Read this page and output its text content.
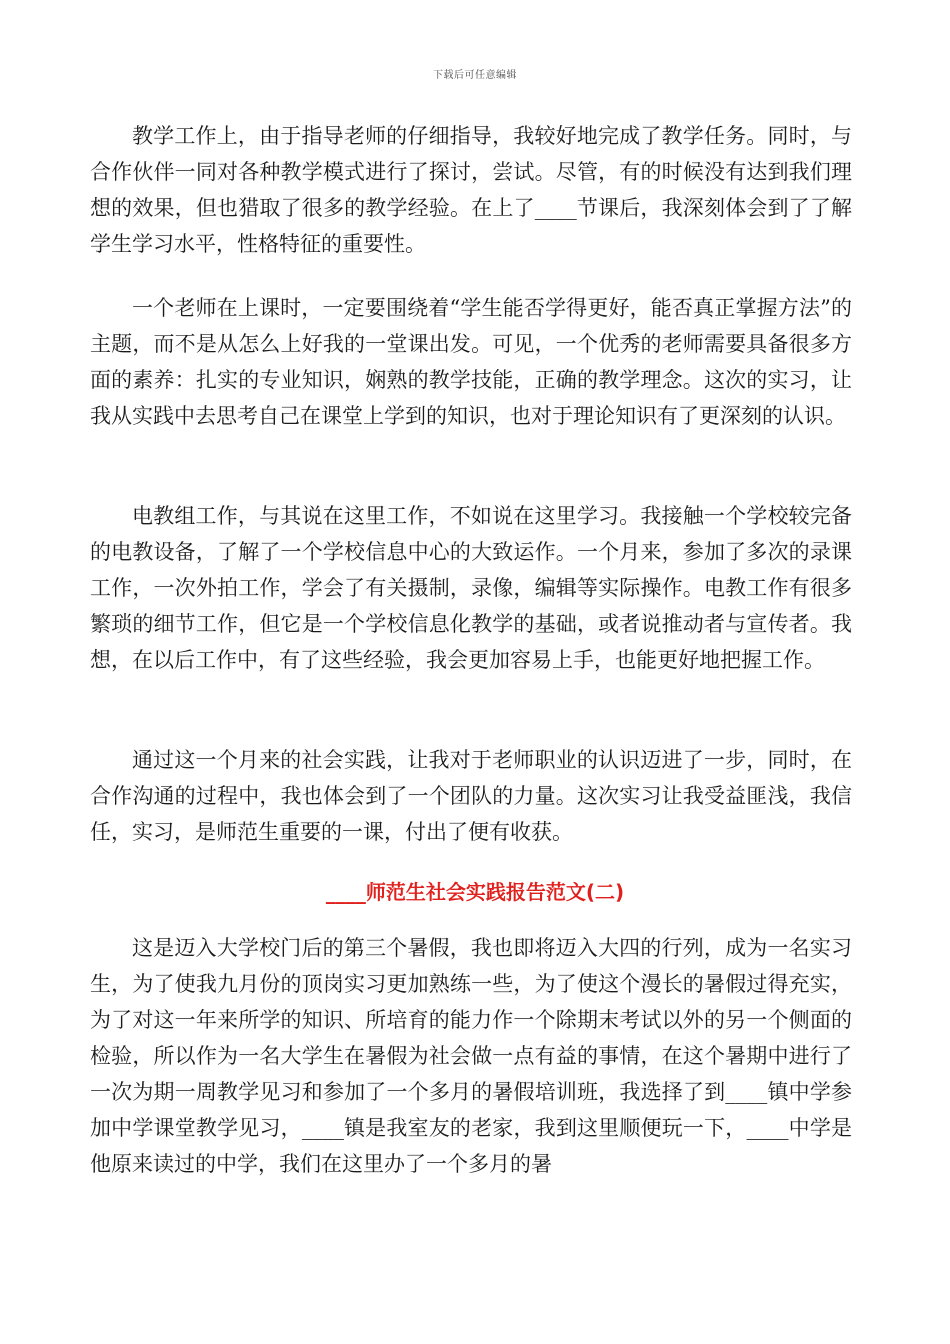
下载后可任意编辑

教学工作上，由于指导老师的仔细指导，我较好地完成了教学任务。同时，与合作伙伴一同对各种教学模式进行了探讨，尝试。尽管，有的时候没有达到我们理想的效果，但也猎取了很多的教学经验。在上了____节课后，我深刻体会到了了解学生学习水平，性格特征的重要性。

一个老师在上课时，一定要围绕着“学生能否学得更好，能否真正掌握方法”的主题，而不是从怎么上好我的一堂课出发。可见，一个优秀的老师需要具备很多方面的素养：扎实的专业知识，娴熟的教学技能，正确的教学理念。这次的实习，让我从实践中去思考自己在课堂上学到的知识，也对于理论知识有了更深刻的认识。

电教组工作，与其说在这里工作，不如说在这里学习。我接触一个学校较完备的电教设备，了解了一个学校信息中心的大致运作。一个月来，参加了多次的录课工作，一次外拍工作，学会了有关摄制，录像，编辑等实际操作。电教工作有很多繁琐的细节工作，但它是一个学校信息化教学的基础，或者说推动者与宣传者。我想，在以后工作中，有了这些经验，我会更加容易上手，也能更好地把握工作。

通过这一个月来的社会实践，让我对于老师职业的认识迈进了一步，同时，在合作沟通的过程中，我也体会到了一个团队的力量。这次实习让我受益匪浅，我信任，实习，是师范生重要的一课，付出了便有收获。

____师范生社会实践报告范文(二)

这是迈入大学校门后的第三个暑假，我也即将迈入大四的行列，成为一名实习生，为了使我九月份的顶岗实习更加熟练一些，为了使这个漫长的暑假过得充实，为了对这一年来所学的知识、所培育的能力作一个除期末考试以外的另一个侧面的检验，所以作为一名大学生在暑假为社会做一点有益的事情，在这个暑期中进行了一次为期一周教学见习和参加了一个多月的暑假培训班，我选择了到____镇中学参加中学课堂教学见习，____镇是我室友的老家，我到这里顺便玩一下，____中学是他原来读过的中学，我们在这里办了一个多月的暑
